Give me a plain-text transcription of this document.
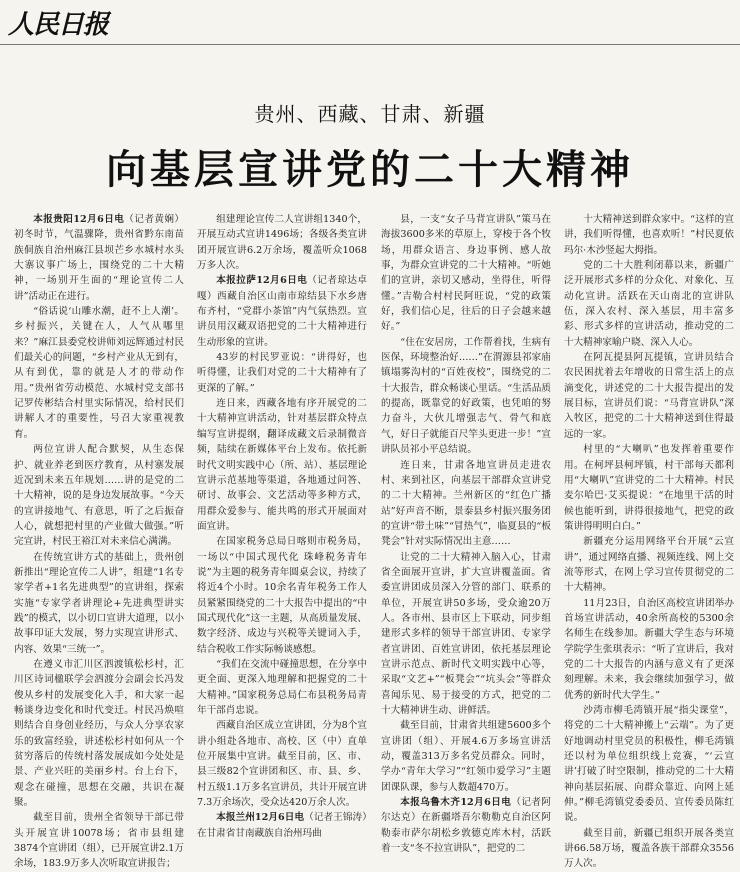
人民日报
贵州、西藏、甘肃、新疆
向基层宣讲党的二十大精神

本报贵阳12月6日电（记者黄娴）初冬时节，气温骤降，贵州省黔东南苗族侗族自治州麻江县坝芒乡水城村水头大寨议事广场上，围绕党的二十大精神，一场别开生面的“理论宣传二人讲”活动正在进行。

“俗话说‘山雕水潮，赶不上人潮’。乡村振兴，关键在人，人气从哪里来？”麻江县委党校讲师刘远辉通过村民们最关心的问题，“乡村产业从无到有，从有到优，靠的就是人才的带动作用。”贵州省劳动模范、水城村党支部书记罗传彬结合村里实际情况，给村民们讲解人才的重要性，号召大家重视教育。

两位宣讲人配合默契，从生态保护、就业养老到医疗教育，从村寨发展近况到未来五年规划……讲的是党的二十大精神，说的是身边发展故事。“今天的宣讲接地气、有意思，听了之后振奋人心，就想把村里的产业做大做强。”听完宣讲，村民王裕江对未来信心满满。

在传统宣讲方式的基础上，贵州创新推出“理论宣传二人讲”，组建“1名专家学者+1名先进典型”的宣讲组，探索实施“专家学者讲理论+先进典型讲实践”的模式，以小切口宣讲大道理，以小故事印证大发展，努力实现宣讲形式、内容、效果“三统一”。

在遵义市汇川区泗渡镇松杉村，汇川区诗词楹联学会泗渡分会副会长冯发俊从乡村的发展变化入手，和大家一起畅谈身边变化和时代变迁。村民冯焕喧则结合自身创业经历，与众人分享农家乐的致富经验，讲述松杉村如何从一个贫穷落后的传统村落发展成如今处处是景、产业兴旺的美丽乡村。台上台下，观念在碰撞，思想在交融，共识在凝聚。

截至目前，贵州全省领导干部已带头开展宣讲10078场；省市县组建3874个宣讲团（组），已开展宣讲2.1万余场，183.9万多人次听取宣讲报告；

组建理论宣传二人宣讲组1340个，开展互动式宣讲1496场；各级各类宣讲团开展宣讲6.2万余场，覆盖听众1068万多人次。

本报拉萨12月6日电（记者琼达卓嘎）西藏自治区山南市琼结县下水乡唐布齐村，“党群小茶馆”内气氛热烈。宣讲员用汉藏双语把党的二十大精神进行生动形象的宣讲。

43岁的村民罗亚说：“讲得好，也听得懂，让我们对党的二十大精神有了更深的了解。”

连日来，西藏各地有序开展党的二十大精神宣讲活动，针对基层群众特点编写宣讲提纲，翻译成藏文后录制微音频，陆续在新媒体平台上发布。依托新时代文明实践中心（所、站）、基层理论宣讲示范基地等渠道，各地通过问答、研讨、故事会、文艺活动等多种方式，用群众爱参与、能共鸣的形式开展面对面宣讲。

在国家税务总局日喀则市税务局，一场以“中国式现代化 珠峰税务青年说”为主题的税务青年圆桌会议，持续了将近4个小时。10余名青年税务工作人员紧紧围绕党的二十大报告中提出的“中国式现代化”这一主题，从高质量发展、数字经济、成边与兴税等关键词入手，结合税收工作实际畅谈感想。

“我们在交流中碰撞思想，在分享中更全面、更深入地理解和把握党的二十大精神。”国家税务总局仁布县税务局青年干部肖忠说。

西藏自治区成立宣讲团，分为8个宣讲小组赴各地市、高校、区（中）直单位开展集中宣讲。截至目前，区、市、县三级82个宣讲团和区、市、县、乡、村五级1.1万多名宣讲员，共计开展宣讲7.3万余场次，受众达420万余人次。

本报兰州12月6日电（记者王锦涛）在甘肃省甘南藏族自治州玛曲

县，一支“女子马背宣讲队”策马在海拔3600多米的草原上，穿梭于各个牧场，用群众语言、身边事例、感人故事，为群众宣讲党的二十大精神。“听她们的宣讲，亲切又感动，坐得住，听得懂。”吉勒合村村民阿旺说，“党的政策好，我们信心足，往后的日子会越来越好。”

“住在安居房，工作帮着找，生病有医保，环境整治好……”在渭源县祁家庙镇塌雾沟村的“百姓夜校”，围绕党的二十大报告，群众畅谈心里话。“生活品质的提高，既靠党的好政策，也凭咱的努力奋斗，大伙儿增强志气、骨气和底气，好日子就能百尺竿头更进一步！”宣讲队员祁小平总结说。

连日来，甘肃各地宣讲员走进农村、来到社区，向基层干部群众宣讲党的二十大精神。兰州新区的“红色广播站”好声音不断，景泰县乡村振兴服务团的宣讲“带土味”“冒热气”，临夏县的“板凳会”针对实际情况出主意……

让党的二十大精神入脑入心，甘肃省全面展开宣讲，扩大宣讲覆盖面。省委宣讲团成员深入分管的部门、联系的单位，开展宣讲50多场，受众逾20万人。各市州、县市区上下联动，同步组建形式多样的领导干部宣讲团、专家学者宣讲团、百姓宣讲团，依托基层理论宣讲示范点、新时代文明实践中心等，采取“文艺+”“板凳会”“坑头会”等群众喜闻乐见、易于接受的方式，把党的二十大精神讲生动、讲鲜活。

截至目前，甘肃省共组建5600多个宣讲团（组）、开展4.6万多场宣讲活动，覆盖313万多名党员群众。同时，学办“青年大学习”“红领巾爱学习”主题团课队课，参与人数超470万。

本报乌鲁木齐12月6日电（记者阿尔达克）在新疆塔吾尔勒勒克自治区阿勒泰市萨尔胡松乡敦德克库木村，活跃着一支“冬不拉宣讲队”，把党的二

十大精神送到群众家中。“这样的宣讲，我们听得懂，也喜欢听！”村民夏依玛尔·木沙竖起大拇指。

党的二十大胜利闭幕以来，新疆广泛开展形式多样的分众化、对象化、互动化宣讲。活跃在天山南北的宣讲队伍，深入农村、深入基层，用丰富多彩、形式多样的宣讲活动，推动党的二十大精神家喻户晓、深入人心。

在阿瓦提县阿瓦提镇，宣讲员结合农民困扰着去年增收的日常生活上的点滴变化，讲述党的二十大报告提出的发展目标，宣讲员们说：“马背宣讲队”深入牧区，把党的二十大精神送到住得最远的一家。

村里的“大喇叭”也发挥着重要作用。在柯坪县柯坪镇，村干部每天都利用“大喇叭”宣讲党的二十大精神。村民麦尔哈巴·艾买提说：“在地里干活的时候也能听到，讲得很接地气，把党的政策讲得明明白白。”

新疆充分运用网络平台开展“云宣讲”，通过网络直播、视频连线、网上交流等形式，在网上学习宣传贯彻党的二十大精神。

11月23日，自治区高校宣讲团举办首场宣讲活动，40余所高校的5300余名师生在线参加。新疆大学生态与环境学院学生张琪表示：“听了宣讲后，我对党的二十大报告的内涵与意义有了更深刻理解。未来，我会继续加强学习，做优秀的新时代大学生。”

沙湾市柳毛湾镇开展“指尖课堂”，将党的二十大精神搬上“云端”。为了更好地调动村里党员的积极性，柳毛湾镇还以村为单位组织线上竞赛，“‘云宣讲’打破了时空限制，推动党的二十大精神向基层拓展、向群众靠近、向网上延伸。”柳毛湾镇党委委员、宣传委员陈红说。

截至目前，新疆已组织开展各类宣讲66.58万场，覆盖各族干部群众3556万人次。
